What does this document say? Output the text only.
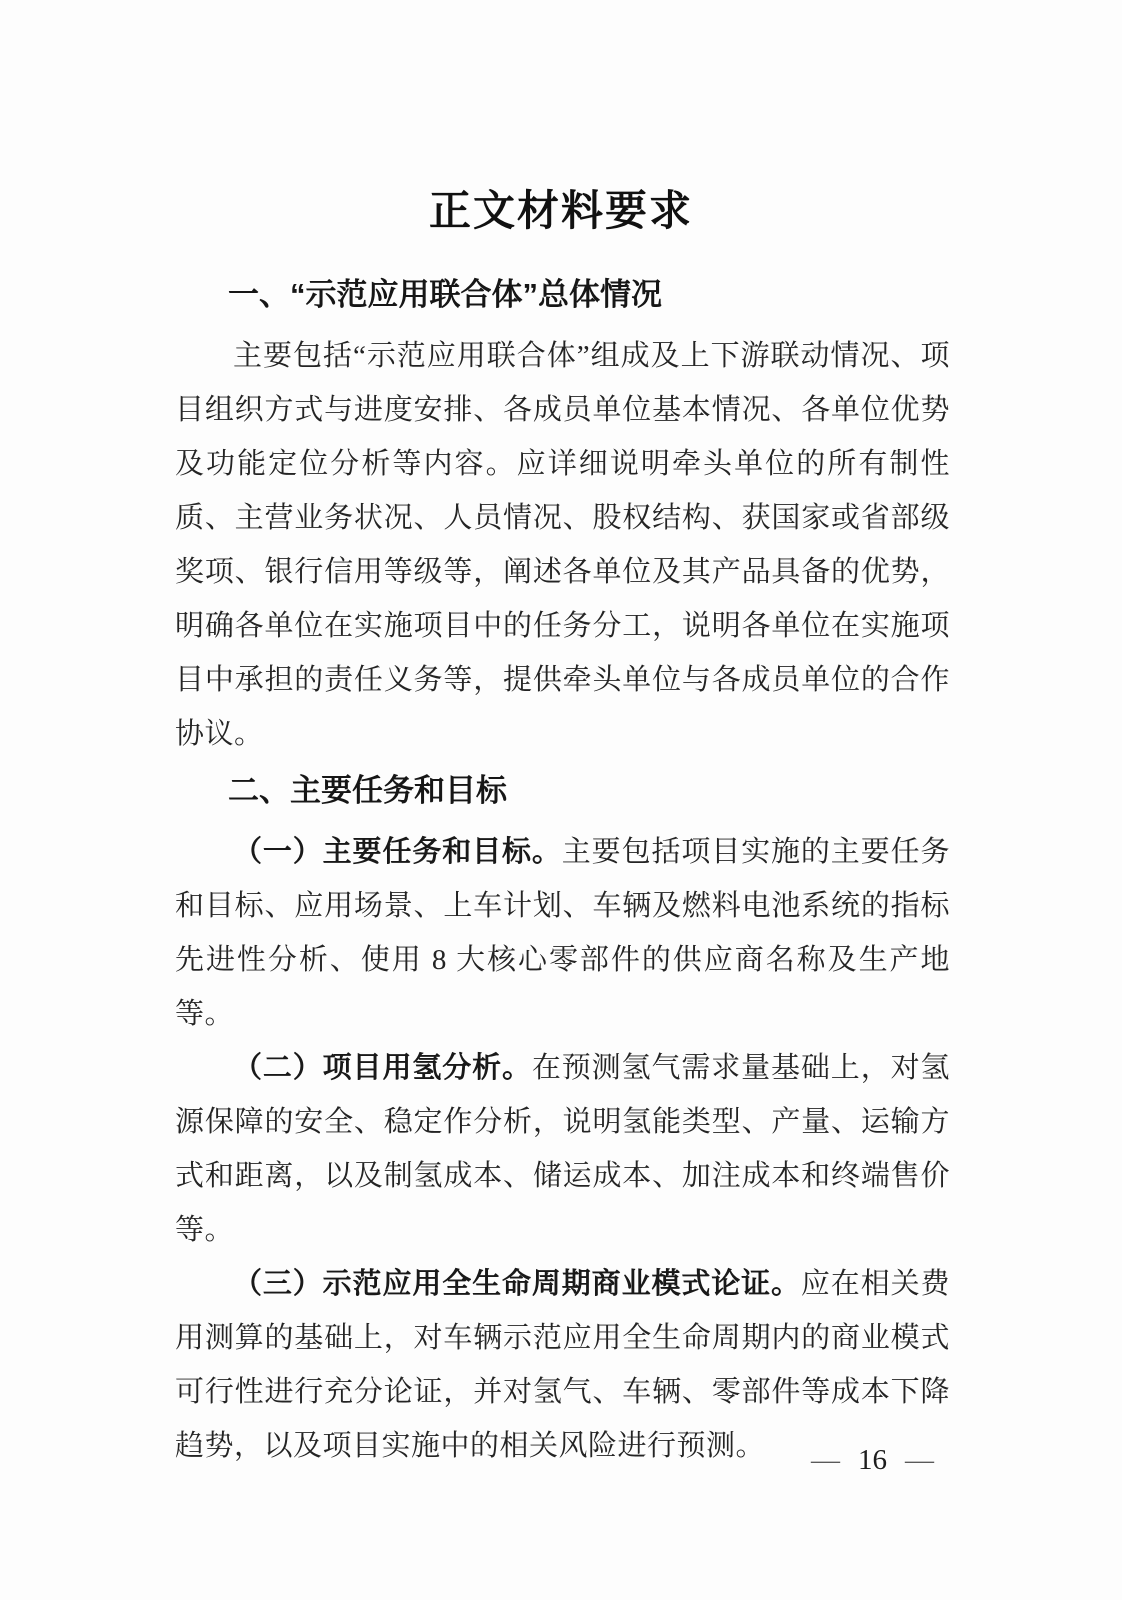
正文材料要求
一、“示范应用联合体”总体情况

主要包括“示范应用联合体”组成及上下游联动情况、项目组织方式与进度安排、各成员单位基本情况、各单位优势及功能定位分析等内容。应详细说明牵头单位的所有制性质、主营业务状况、人员情况、股权结构、获国家或省部级奖项、银行信用等级等，阐述各单位及其产品具备的优势，明确各单位在实施项目中的任务分工，说明各单位在实施项目中承担的责任义务等，提供牵头单位与各成员单位的合作协议。

二、主要任务和目标

（一）主要任务和目标。主要包括项目实施的主要任务和目标、应用场景、上车计划、车辆及燃料电池系统的指标先进性分析、使用 8 大核心零部件的供应商名称及生产地等。

（二）项目用氢分析。在预测氢气需求量基础上，对氢源保障的安全、稳定作分析，说明氢能类型、产量、运输方式和距离，以及制氢成本、储运成本、加注成本和终端售价等。

（三）示范应用全生命周期商业模式论证。应在相关费用测算的基础上，对车辆示范应用全生命周期内的商业模式可行性进行充分论证，并对氢气、车辆、零部件等成本下降趋势，以及项目实施中的相关风险进行预测。	— 16 —
